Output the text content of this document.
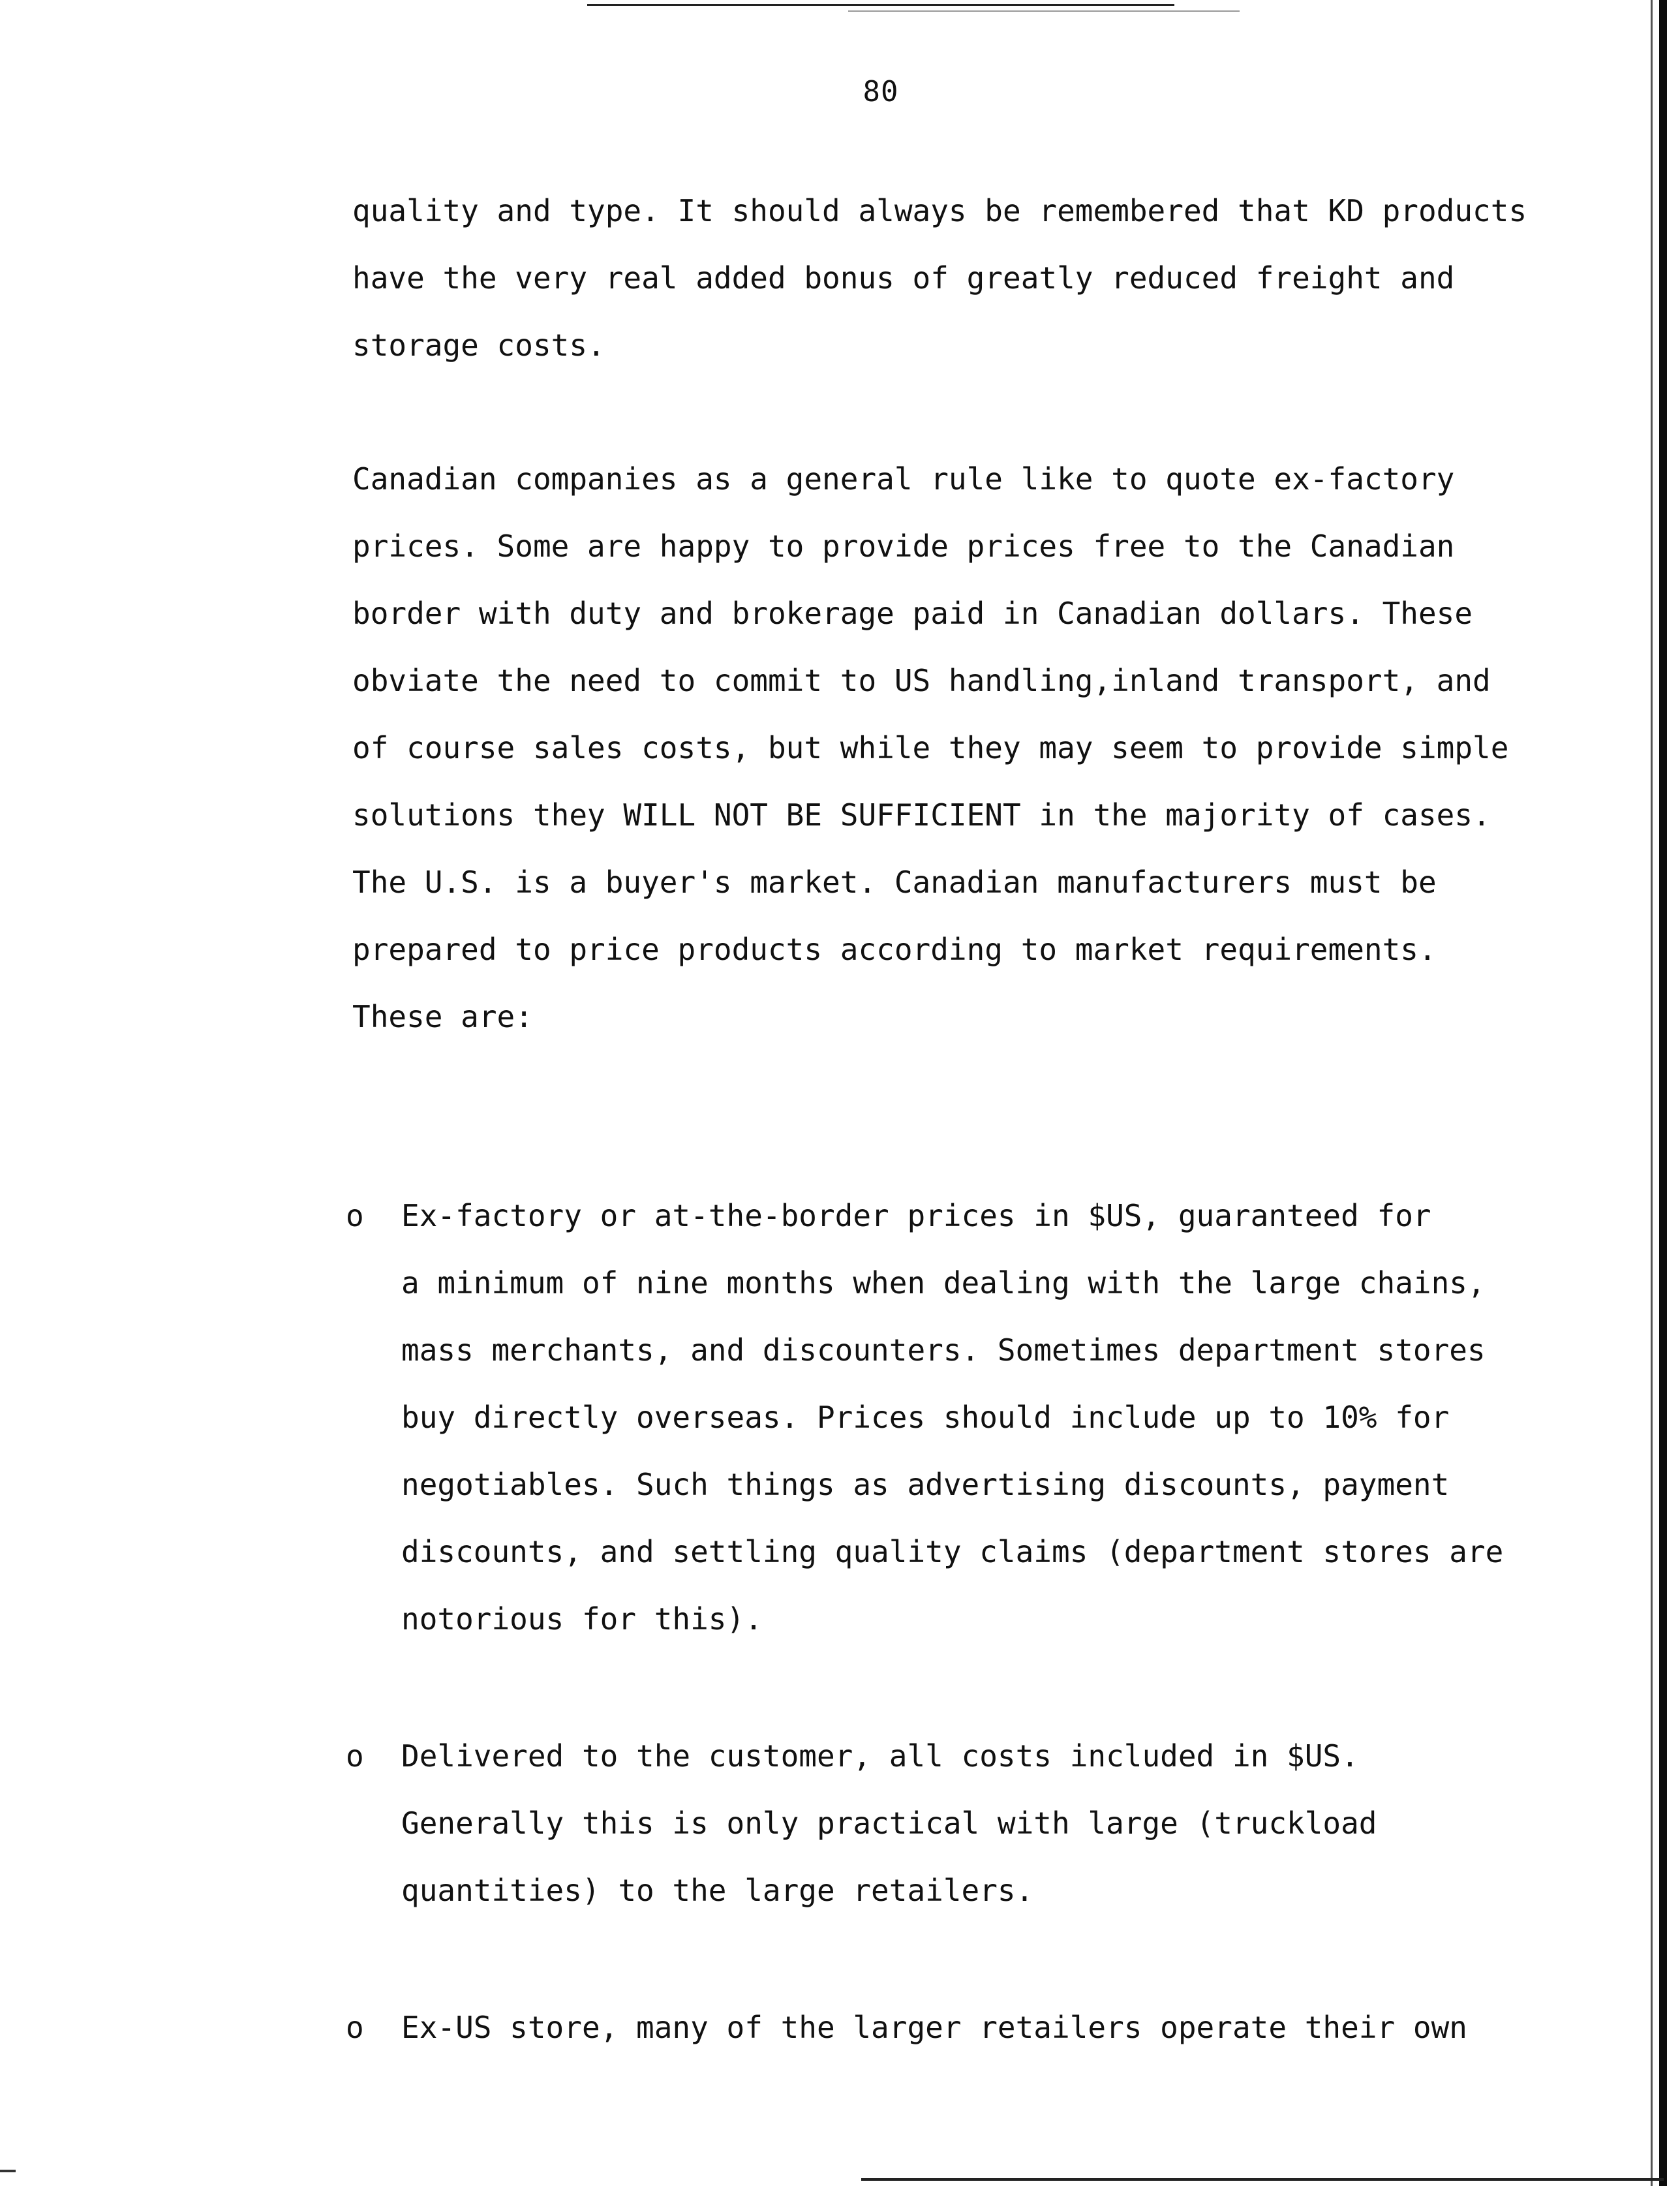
80
quality and type. It should always be remembered that KD products
have the very real added bonus of greatly reduced freight and
storage costs.
Canadian companies as a general rule like to quote ex-factory
prices. Some are happy to provide prices free to the Canadian
border with duty and brokerage paid in Canadian dollars. These
obviate the need to commit to US handling,inland transport, and
of course sales costs, but while they may seem to provide simple
solutions they WILL NOT BE SUFFICIENT in the majority of cases.
The U.S. is a buyer's market. Canadian manufacturers must be
prepared to price products according to market requirements.
These are:
o	Ex-factory or at-the-border prices in $US, guaranteed for
a minimum of nine months when dealing with the large chains,
mass merchants, and discounters. Sometimes department stores
buy directly overseas. Prices should include up to 10% for
negotiables. Such things as advertising discounts, payment
discounts, and settling quality claims (department stores are
notorious for this).
o	Delivered to the customer, all costs included in $US.
Generally this is only practical with large (truckload
quantities) to the large retailers.
o	Ex-US store, many of the larger retailers operate their own
